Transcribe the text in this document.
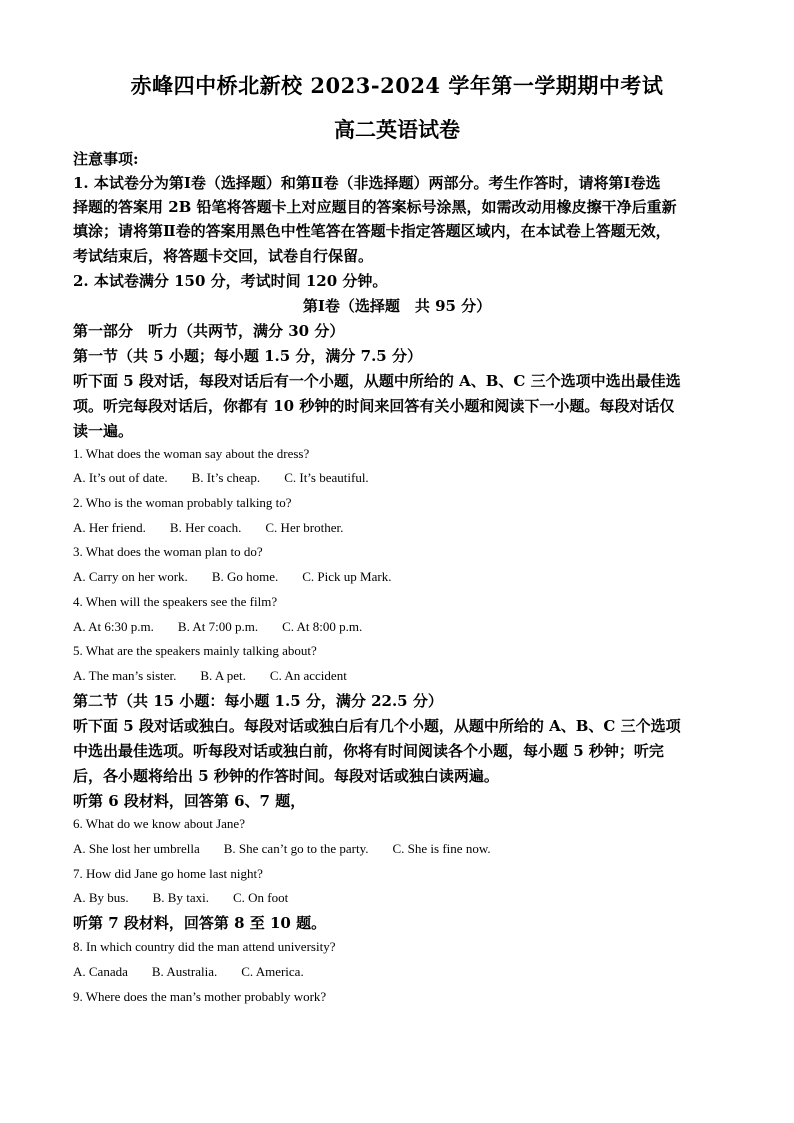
赤峰四中桥北新校 2023-2024 学年第一学期期中考试
高二英语试卷
注意事项:
1. 本试卷分为第Ⅰ卷（选择题）和第Ⅱ卷（非选择题）两部分。考生作答时，请将第Ⅰ卷选
择题的答案用 2B 铅笔将答题卡上对应题目的答案标号涂黑，如需改动用橡皮擦干净后重新
填涂；请将第Ⅱ卷的答案用黑色中性笔答在答题卡指定答题区域内，在本试卷上答题无效，
考试结束后，将答题卡交回，试卷自行保留。
2. 本试卷满分 150 分，考试时间 120 分钟。
第Ⅰ卷（选择题　共 95 分）
第一部分　听力（共两节，满分 30 分）
第一节（共 5 小题；每小题 1.5 分，满分 7.5 分）
听下面 5 段对话，每段对话后有一个小题，从题中所给的 A、B、C 三个选项中选出最佳选
项。听完每段对话后，你都有 10 秒钟的时间来回答有关小题和阅读下一小题。每段对话仅
读一遍。
1. What does the woman say about the dress?
A. It’s out of date. B. It’s cheap. C. It’s beautiful.
2. Who is the woman probably talking to?
A. Her friend. B. Her coach. C. Her brother.
3. What does the woman plan to do?
A. Carry on her work. B. Go home. C. Pick up Mark.
4. When will the speakers see the film?
A. At 6:30 p.m. B. At 7:00 p.m. C. At 8:00 p.m.
5. What are the speakers mainly talking about?
A. The man’s sister. B. A pet. C. An accident
第二节（共 15 小题：每小题 1.5 分，满分 22.5 分）
听下面 5 段对话或独白。每段对话或独白后有几个小题，从题中所给的 A、B、C 三个选项
中选出最佳选项。听每段对话或独白前，你将有时间阅读各个小题，每小题 5 秒钟；听完
后，各小题将给出 5 秒钟的作答时间。每段对话或独白读两遍。
听第 6 段材料，回答第 6、7 题，
6. What do we know about Jane?
A. She lost her umbrella B. She can’t go to the party. C. She is fine now.
7. How did Jane go home last night?
A. By bus. B. By taxi. C. On foot
听第 7 段材料，回答第 8 至 10 题。
8. In which country did the man attend university?
A. Canada B. Australia. C. America.
9. Where does the man’s mother probably work?
